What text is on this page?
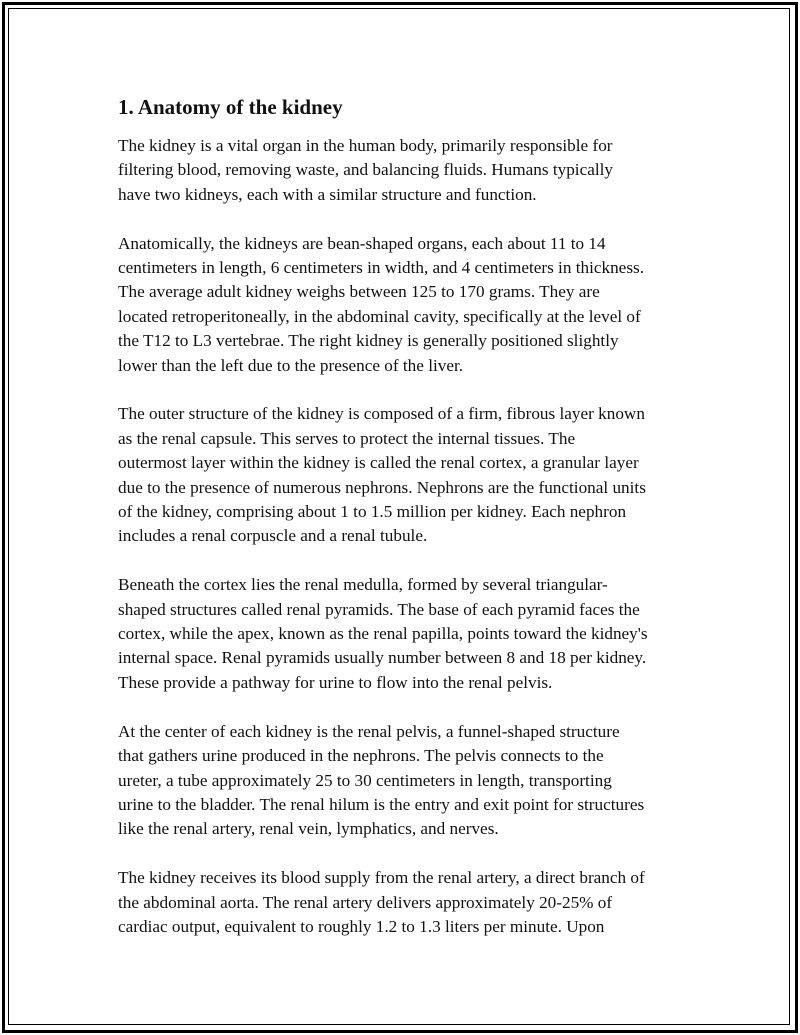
1. Anatomy of the kidney
The kidney is a vital organ in the human body, primarily responsible for
filtering blood, removing waste, and balancing fluids. Humans typically
have two kidneys, each with a similar structure and function.
Anatomically, the kidneys are bean-shaped organs, each about 11 to 14
centimeters in length, 6 centimeters in width, and 4 centimeters in thickness.
The average adult kidney weighs between 125 to 170 grams. They are
located retroperitoneally, in the abdominal cavity, specifically at the level of
the T12 to L3 vertebrae. The right kidney is generally positioned slightly
lower than the left due to the presence of the liver.
The outer structure of the kidney is composed of a firm, fibrous layer known
as the renal capsule. This serves to protect the internal tissues. The
outermost layer within the kidney is called the renal cortex, a granular layer
due to the presence of numerous nephrons. Nephrons are the functional units
of the kidney, comprising about 1 to 1.5 million per kidney. Each nephron
includes a renal corpuscle and a renal tubule.
Beneath the cortex lies the renal medulla, formed by several triangular-
shaped structures called renal pyramids. The base of each pyramid faces the
cortex, while the apex, known as the renal papilla, points toward the kidney's
internal space. Renal pyramids usually number between 8 and 18 per kidney.
These provide a pathway for urine to flow into the renal pelvis.
At the center of each kidney is the renal pelvis, a funnel-shaped structure
that gathers urine produced in the nephrons. The pelvis connects to the
ureter, a tube approximately 25 to 30 centimeters in length, transporting
urine to the bladder. The renal hilum is the entry and exit point for structures
like the renal artery, renal vein, lymphatics, and nerves.
The kidney receives its blood supply from the renal artery, a direct branch of
the abdominal aorta. The renal artery delivers approximately 20-25% of
cardiac output, equivalent to roughly 1.2 to 1.3 liters per minute. Upon
